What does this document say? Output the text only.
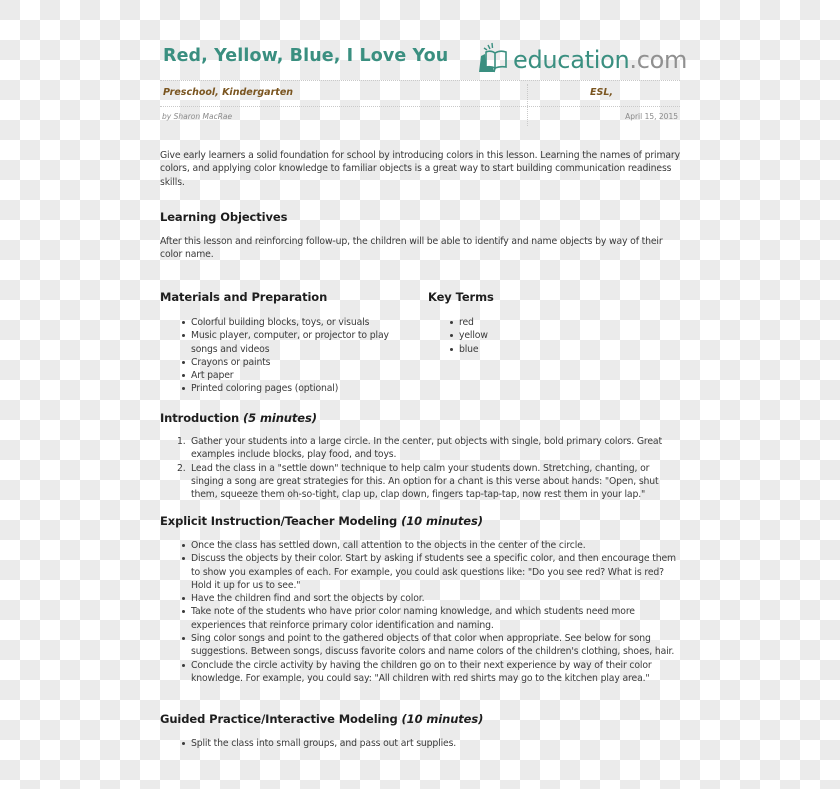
Red, Yellow, Blue, I Love You	education.com
Preschool, Kindergarten	ESL,
by Sharon MacRae	April 15, 2015

Give early learners a solid foundation for school by introducing colors in this lesson. Learning the names of primary colors, and applying color knowledge to familiar objects is a great way to start building communication readiness skills.

Learning Objectives

After this lesson and reinforcing follow-up, the children will be able to identify and name objects by way of their color name.

Materials and Preparation
Colorful building blocks, toys, or visuals
Music player, computer, or projector to play songs and videos
Crayons or paints
Art paper
Printed coloring pages (optional)
Key Terms
red
yellow
blue
Introduction (5 minutes)
1. Gather your students into a large circle. In the center, put objects with single, bold primary colors. Great examples include blocks, play food, and toys.
2. Lead the class in a "settle down" technique to help calm your students down. Stretching, chanting, or singing a song are great strategies for this. An option for a chant is this verse about hands: "Open, shut them, squeeze them oh-so-tight, clap up, clap down, fingers tap-tap-tap, now rest them in your lap."
Explicit Instruction/Teacher Modeling (10 minutes)
Once the class has settled down, call attention to the objects in the center of the circle.
Discuss the objects by their color. Start by asking if students see a specific color, and then encourage them to show you examples of each. For example, you could ask questions like: "Do you see red? What is red? Hold it up for us to see."
Have the children find and sort the objects by color.
Take note of the students who have prior color naming knowledge, and which students need more experiences that reinforce primary color identification and naming.
Sing color songs and point to the gathered objects of that color when appropriate. See below for song suggestions. Between songs, discuss favorite colors and name colors of the children's clothing, shoes, hair.
Conclude the circle activity by having the children go on to their next experience by way of their color knowledge. For example, you could say: "All children with red shirts may go to the kitchen play area."
Guided Practice/Interactive Modeling (10 minutes)
Split the class into small groups, and pass out art supplies.
